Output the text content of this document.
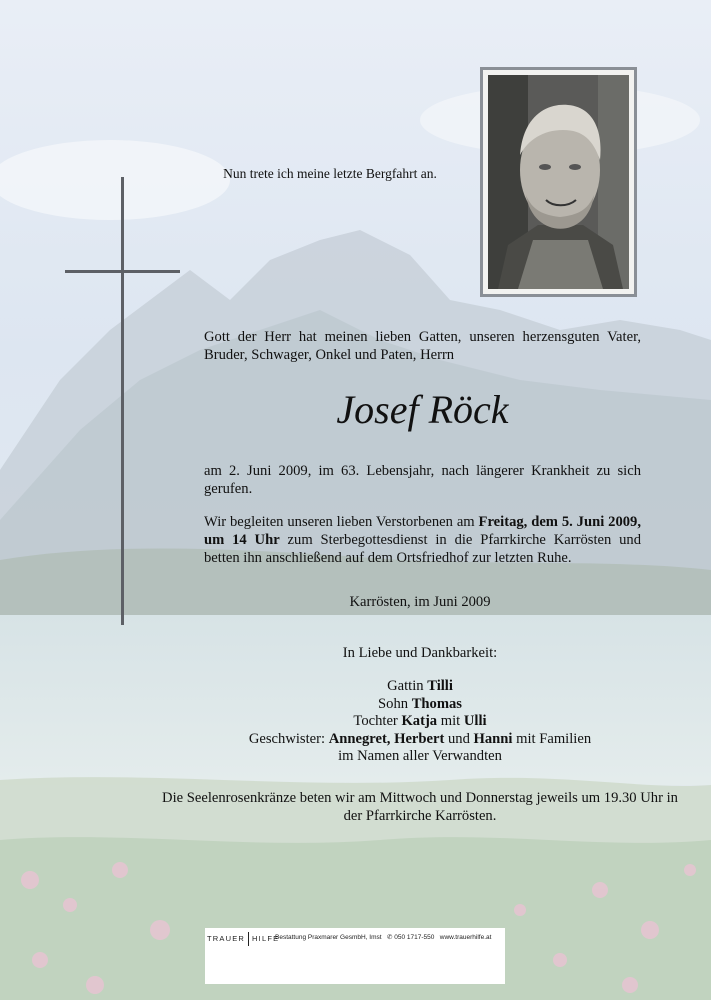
Nun trete ich meine letzte Bergfahrt an.
Gott der Herr hat meinen lieben Gatten, unseren herzensguten Vater, Bruder, Schwager, Onkel und Paten, Herrn
Josef Röck
am 2. Juni 2009, im 63. Lebensjahr, nach längerer Krankheit zu sich gerufen.
Wir begleiten unseren lieben Verstorbenen am Freitag, dem 5. Juni 2009, um 14 Uhr zum Sterbegottesdienst in die Pfarrkirche Karrösten und betten ihn anschließend auf dem Ortsfriedhof zur letzten Ruhe.
Karrösten, im Juni 2009
In Liebe und Dankbarkeit:
Gattin Tilli
Sohn Thomas
Tochter Katja mit Ulli
Geschwister: Annegret, Herbert und Hanni mit Familien
im Namen aller Verwandten
Die Seelenrosenkränze beten wir am Mittwoch und Donnerstag jeweils um 19.30 Uhr in der Pfarrkirche Karrösten.
TRAUER HILFE
Bestattung Praxmarer GesmbH, Imst ✆ 050 1717-550 www.trauerhilfe.at
